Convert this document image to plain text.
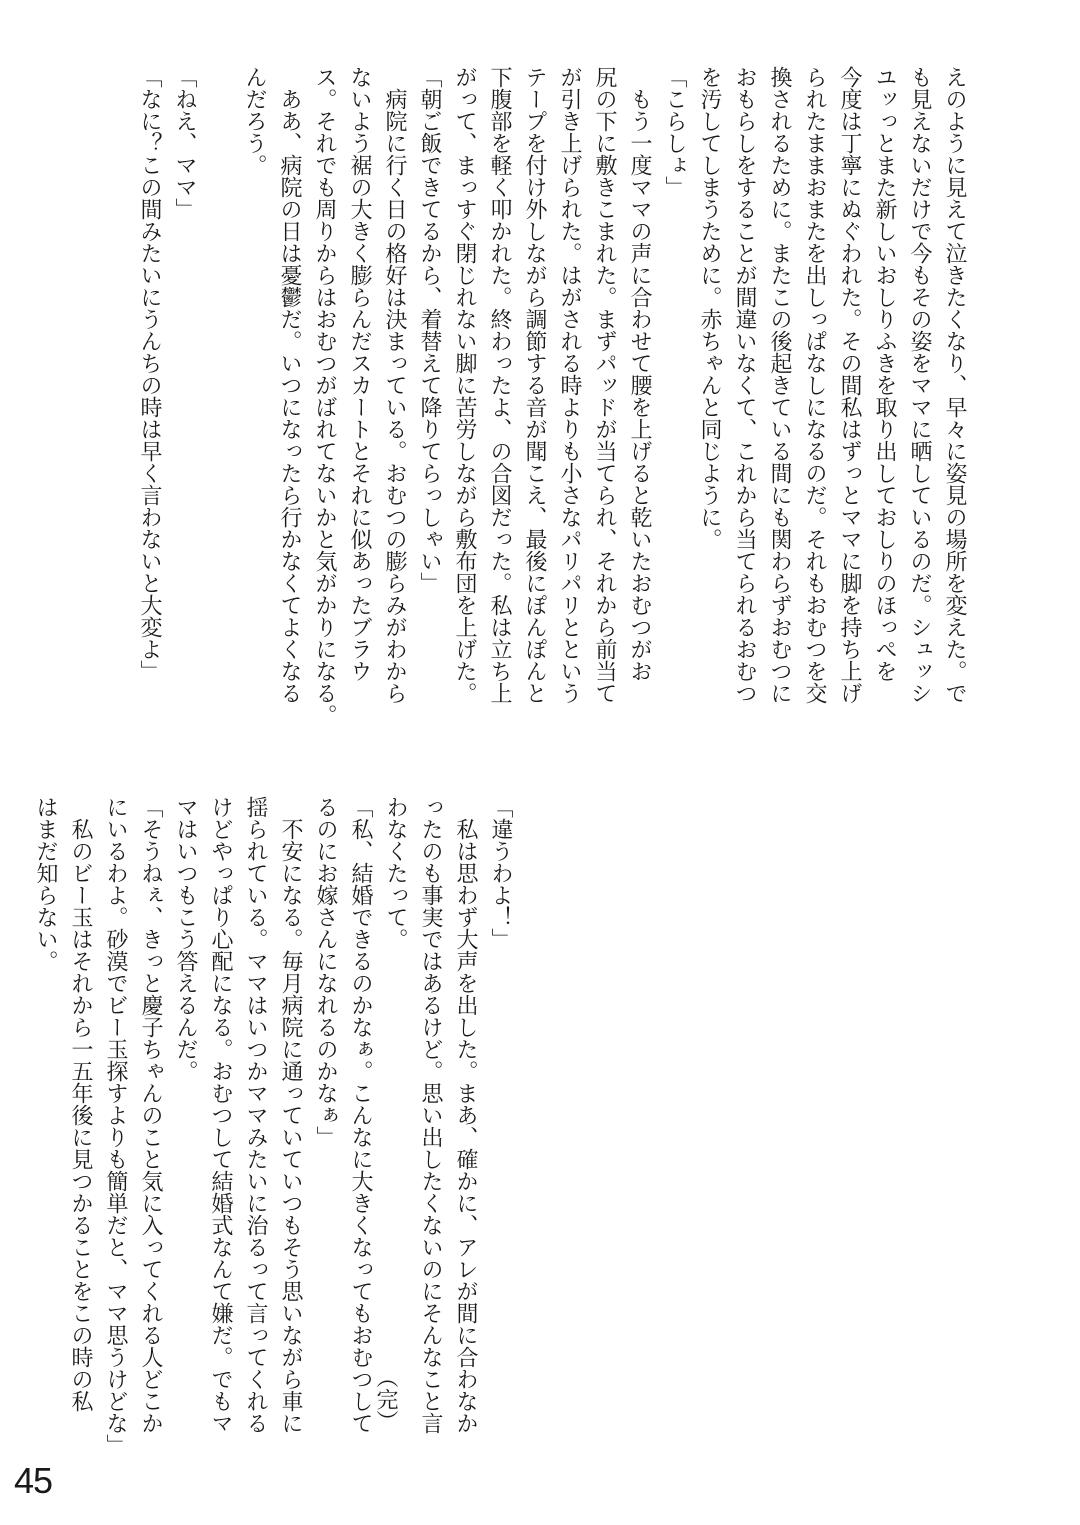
えのように見えて泣きたくなり、早々に姿見の場所を変えた。で

も見えないだけで今もその姿をママに晒しているのだ。シュッシ

ユッっとまた新しいおしりふきを取り出しておしりのほっぺを

今度は丁寧にぬぐわれた。その間私はずっとママに脚を持ち上げ

られたままおまたを出しっぱなしになるのだ。それもおむつを交

換されるために。またこの後起きている間にも関わらずおむつに

おもらしをすることが間違いなくて、これから当てられるおむつ

を汚してしまうために。赤ちゃんと同じように。

「こらしょ」

　もう一度ママの声に合わせて腰を上げると乾いたおむつがお

尻の下に敷きこまれた。まずパッドが当てられ、それから前当て

が引き上げられた。はがされる時よりも小さなパリパリとという

テープを付け外しながら調節する音が聞こえ、最後にぽんぽんと

下腹部を軽く叩かれた。終わったよ、の合図だった。私は立ち上

がって、まっすぐ閉じれない脚に苦労しながら敷布団を上げた。

「朝ご飯できてるから、着替えて降りてらっしゃい」

　病院に行く日の格好は決まっている。おむつの膨らみがわから

ないよう裾の大きく膨らんだスカートとそれに似あったブラウ

ス。それでも周りからはおむつがばれてないかと気がかりになる。

　ああ、病院の日は憂鬱だ。いつになったら行かなくてよくなる

んだろう。

「ねえ、ママ」

「なに？この間みたいにうんちの時は早く言わないと大変よ」

「違うわよ！」

　私は思わず大声を出した。まあ、確かに、アレが間に合わなか

ったのも事実ではあるけど。思い出したくないのにそんなこと言

わなくたって。

「私、結婚できるのかなぁ。こんなに大きくなってもおむつして

るのにお嫁さんになれるのかなぁ」

　不安になる。毎月病院に通っていていつもそう思いながら車に

揺られている。ママはいつかママみたいに治るって言ってくれる

けどやっぱり心配になる。おむつして結婚式なんて嫌だ。でもマ

マはいつもこう答えるんだ。

「そうねぇ、きっと慶子ちゃんのこと気に入ってくれる人どこか

にいるわよ。砂漠でビー玉探すよりも簡単だと、ママ思うけどな」

　私のビー玉はそれから一五年後に見つかることをこの時の私

はまだ知らない。

（完）
45
